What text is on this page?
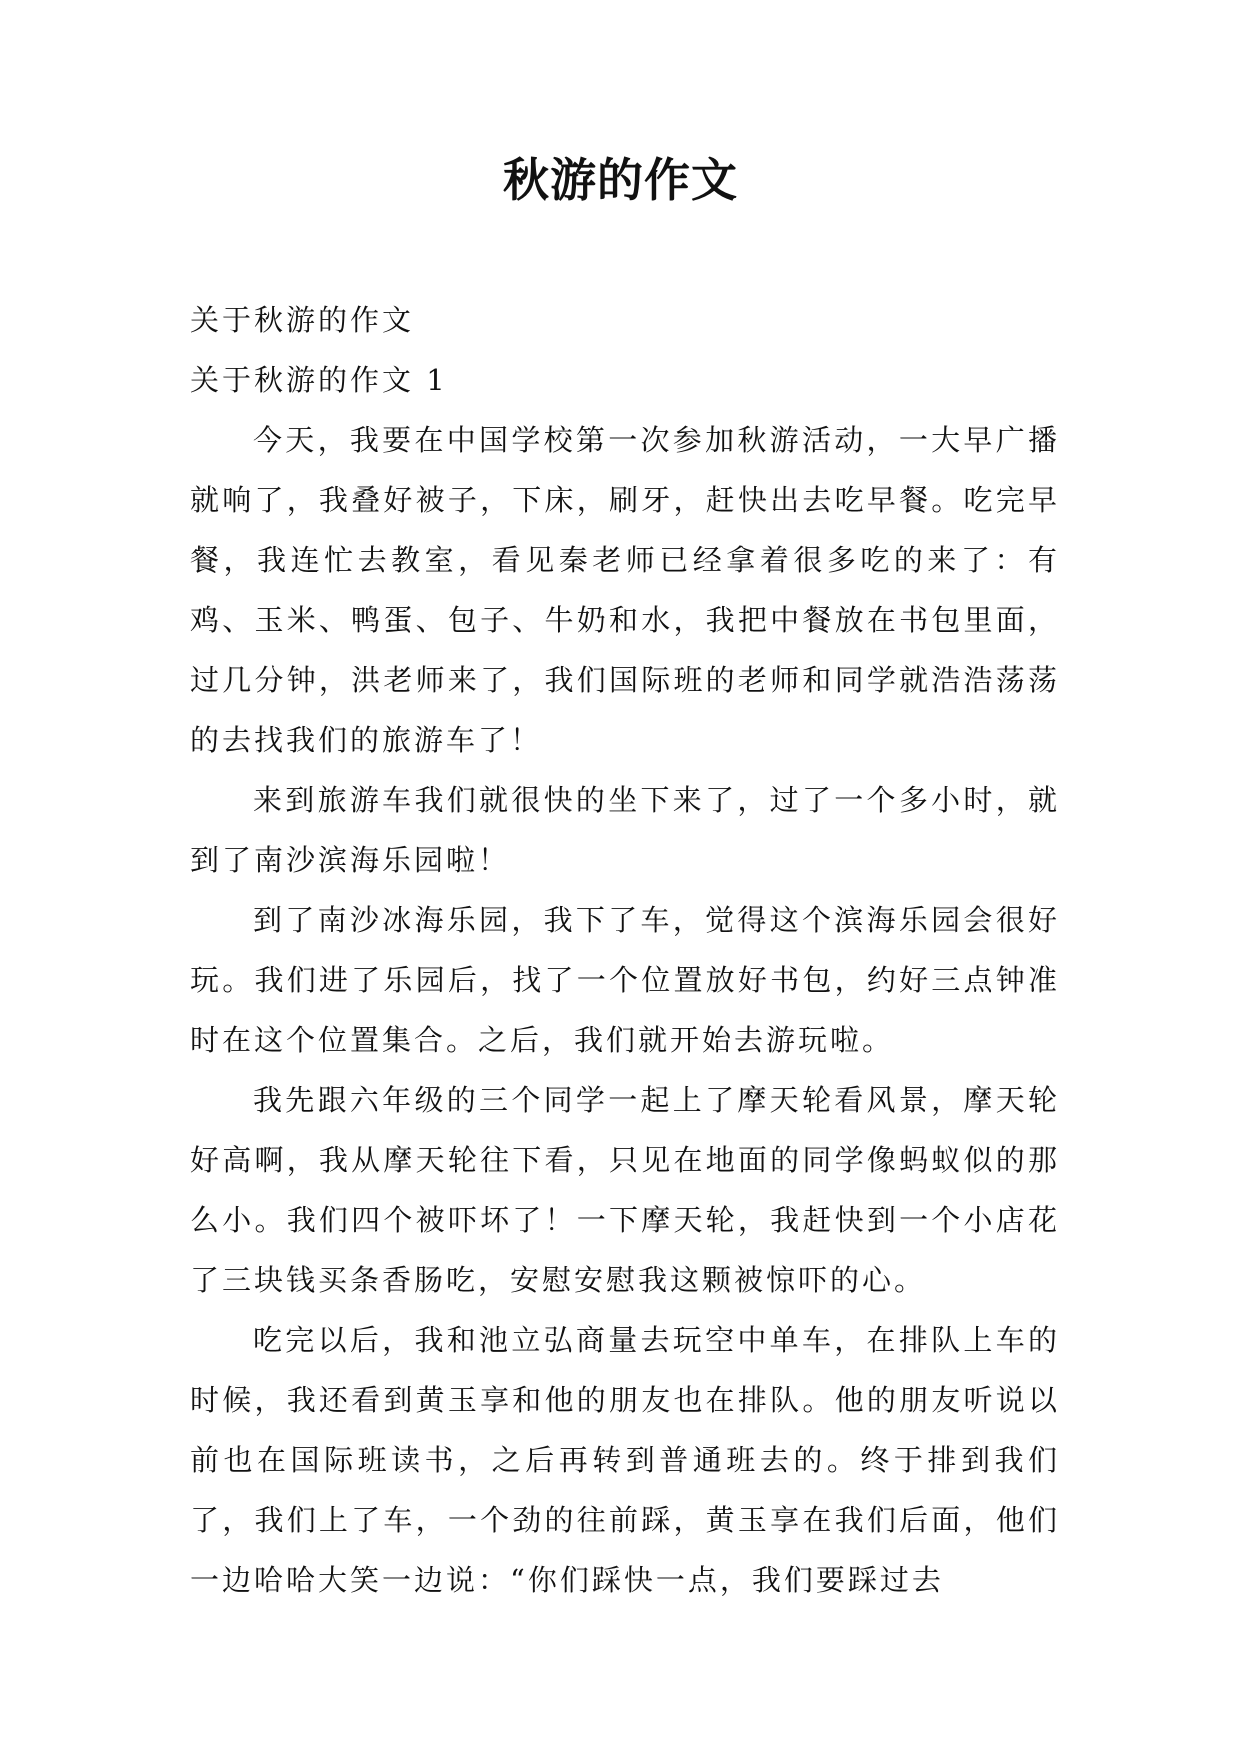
秋游的作文

关于秋游的作文

关于秋游的作文 1

今天，我要在中国学校第一次参加秋游活动，一大早广播就响了，我叠好被子，下床，刷牙，赶快出去吃早餐。吃完早餐，我连忙去教室，看见秦老师已经拿着很多吃的来了：有鸡、玉米、鸭蛋、包子、牛奶和水，我把中餐放在书包里面，过几分钟，洪老师来了，我们国际班的老师和同学就浩浩荡荡的去找我们的旅游车了！

来到旅游车我们就很快的坐下来了，过了一个多小时，就到了南沙滨海乐园啦！

到了南沙冰海乐园，我下了车，觉得这个滨海乐园会很好玩。我们进了乐园后，找了一个位置放好书包，约好三点钟准时在这个位置集合。之后，我们就开始去游玩啦。

我先跟六年级的三个同学一起上了摩天轮看风景，摩天轮好高啊，我从摩天轮往下看，只见在地面的同学像蚂蚁似的那么小。我们四个被吓坏了！一下摩天轮，我赶快到一个小店花了三块钱买条香肠吃，安慰安慰我这颗被惊吓的心。

吃完以后，我和池立弘商量去玩空中单车，在排队上车的时候，我还看到黄玉享和他的朋友也在排队。他的朋友听说以前也在国际班读书，之后再转到普通班去的。终于排到我们了，我们上了车，一个劲的往前踩，黄玉享在我们后面，他们一边哈哈大笑一边说：“你们踩快一点，我们要踩过去
